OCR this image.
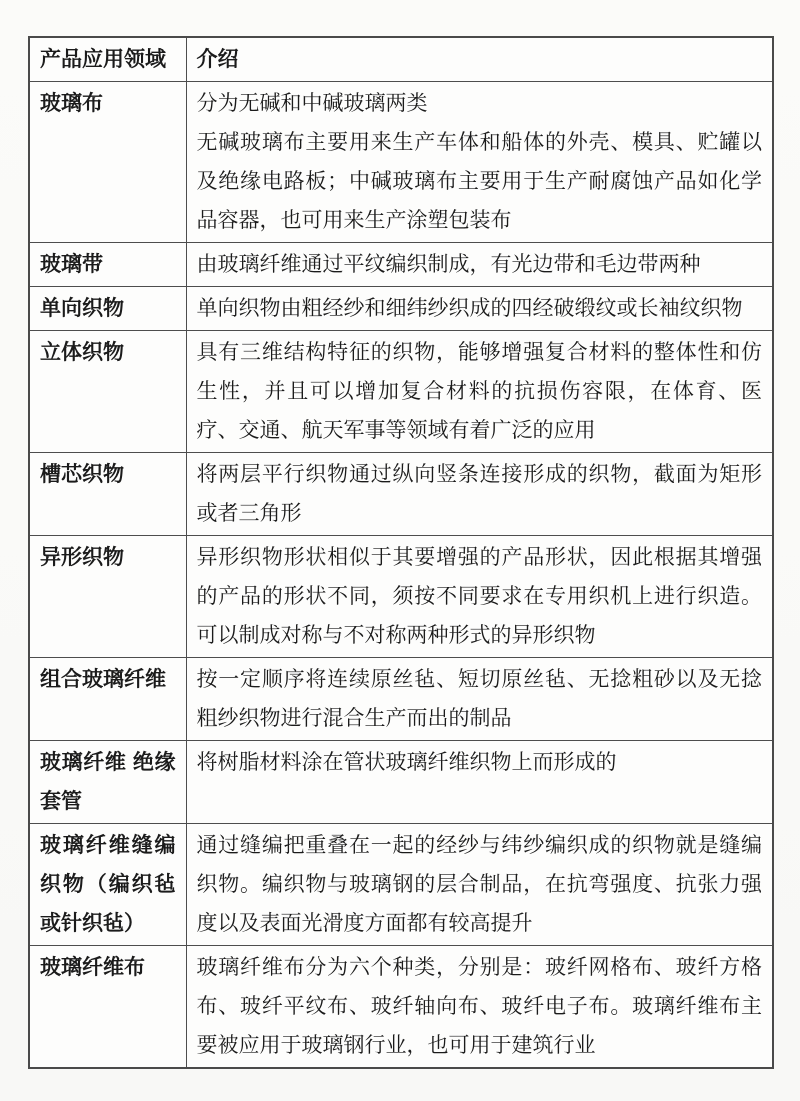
产品应用领域	介绍
玻璃布	分为无碱和中碱玻璃两类
无碱玻璃布主要用来生产车体和船体的外壳、模具、贮罐以及绝缘电路板；中碱玻璃布主要用于生产耐腐蚀产品如化学品容器，也可用来生产涂塑包装布

玻璃带	由玻璃纤维通过平纹编织制成，有光边带和毛边带两种

单向织物	单向织物由粗经纱和细纬纱织成的四经破缎纹或长袖纹织物

立体织物	具有三维结构特征的织物，能够增强复合材料的整体性和仿生性，并且可以增加复合材料的抗损伤容限，在体育、医疗、交通、航天军事等领域有着广泛的应用

槽芯织物	将两层平行织物通过纵向竖条连接形成的织物，截面为矩形或者三角形

异形织物	异形织物形状相似于其要增强的产品形状，因此根据其增强的产品的形状不同，须按不同要求在专用织机上进行织造。可以制成对称与不对称两种形式的异形织物

组合玻璃纤维	按一定顺序将连续原丝毡、短切原丝毡、无捻粗砂以及无捻粗纱织物进行混合生产而出的制品

玻璃纤维 绝缘套管	将树脂材料涂在管状玻璃纤维织物上而形成的

玻璃纤维缝编织物（编织毡或针织毡）	通过缝编把重叠在一起的经纱与纬纱编织成的织物就是缝编织物。编织物与玻璃钢的层合制品，在抗弯强度、抗张力强度以及表面光滑度方面都有较高提升

玻璃纤维布	玻璃纤维布分为六个种类，分别是：玻纤网格布、玻纤方格布、玻纤平纹布、玻纤轴向布、玻纤电子布。玻璃纤维布主要被应用于玻璃钢行业，也可用于建筑行业
